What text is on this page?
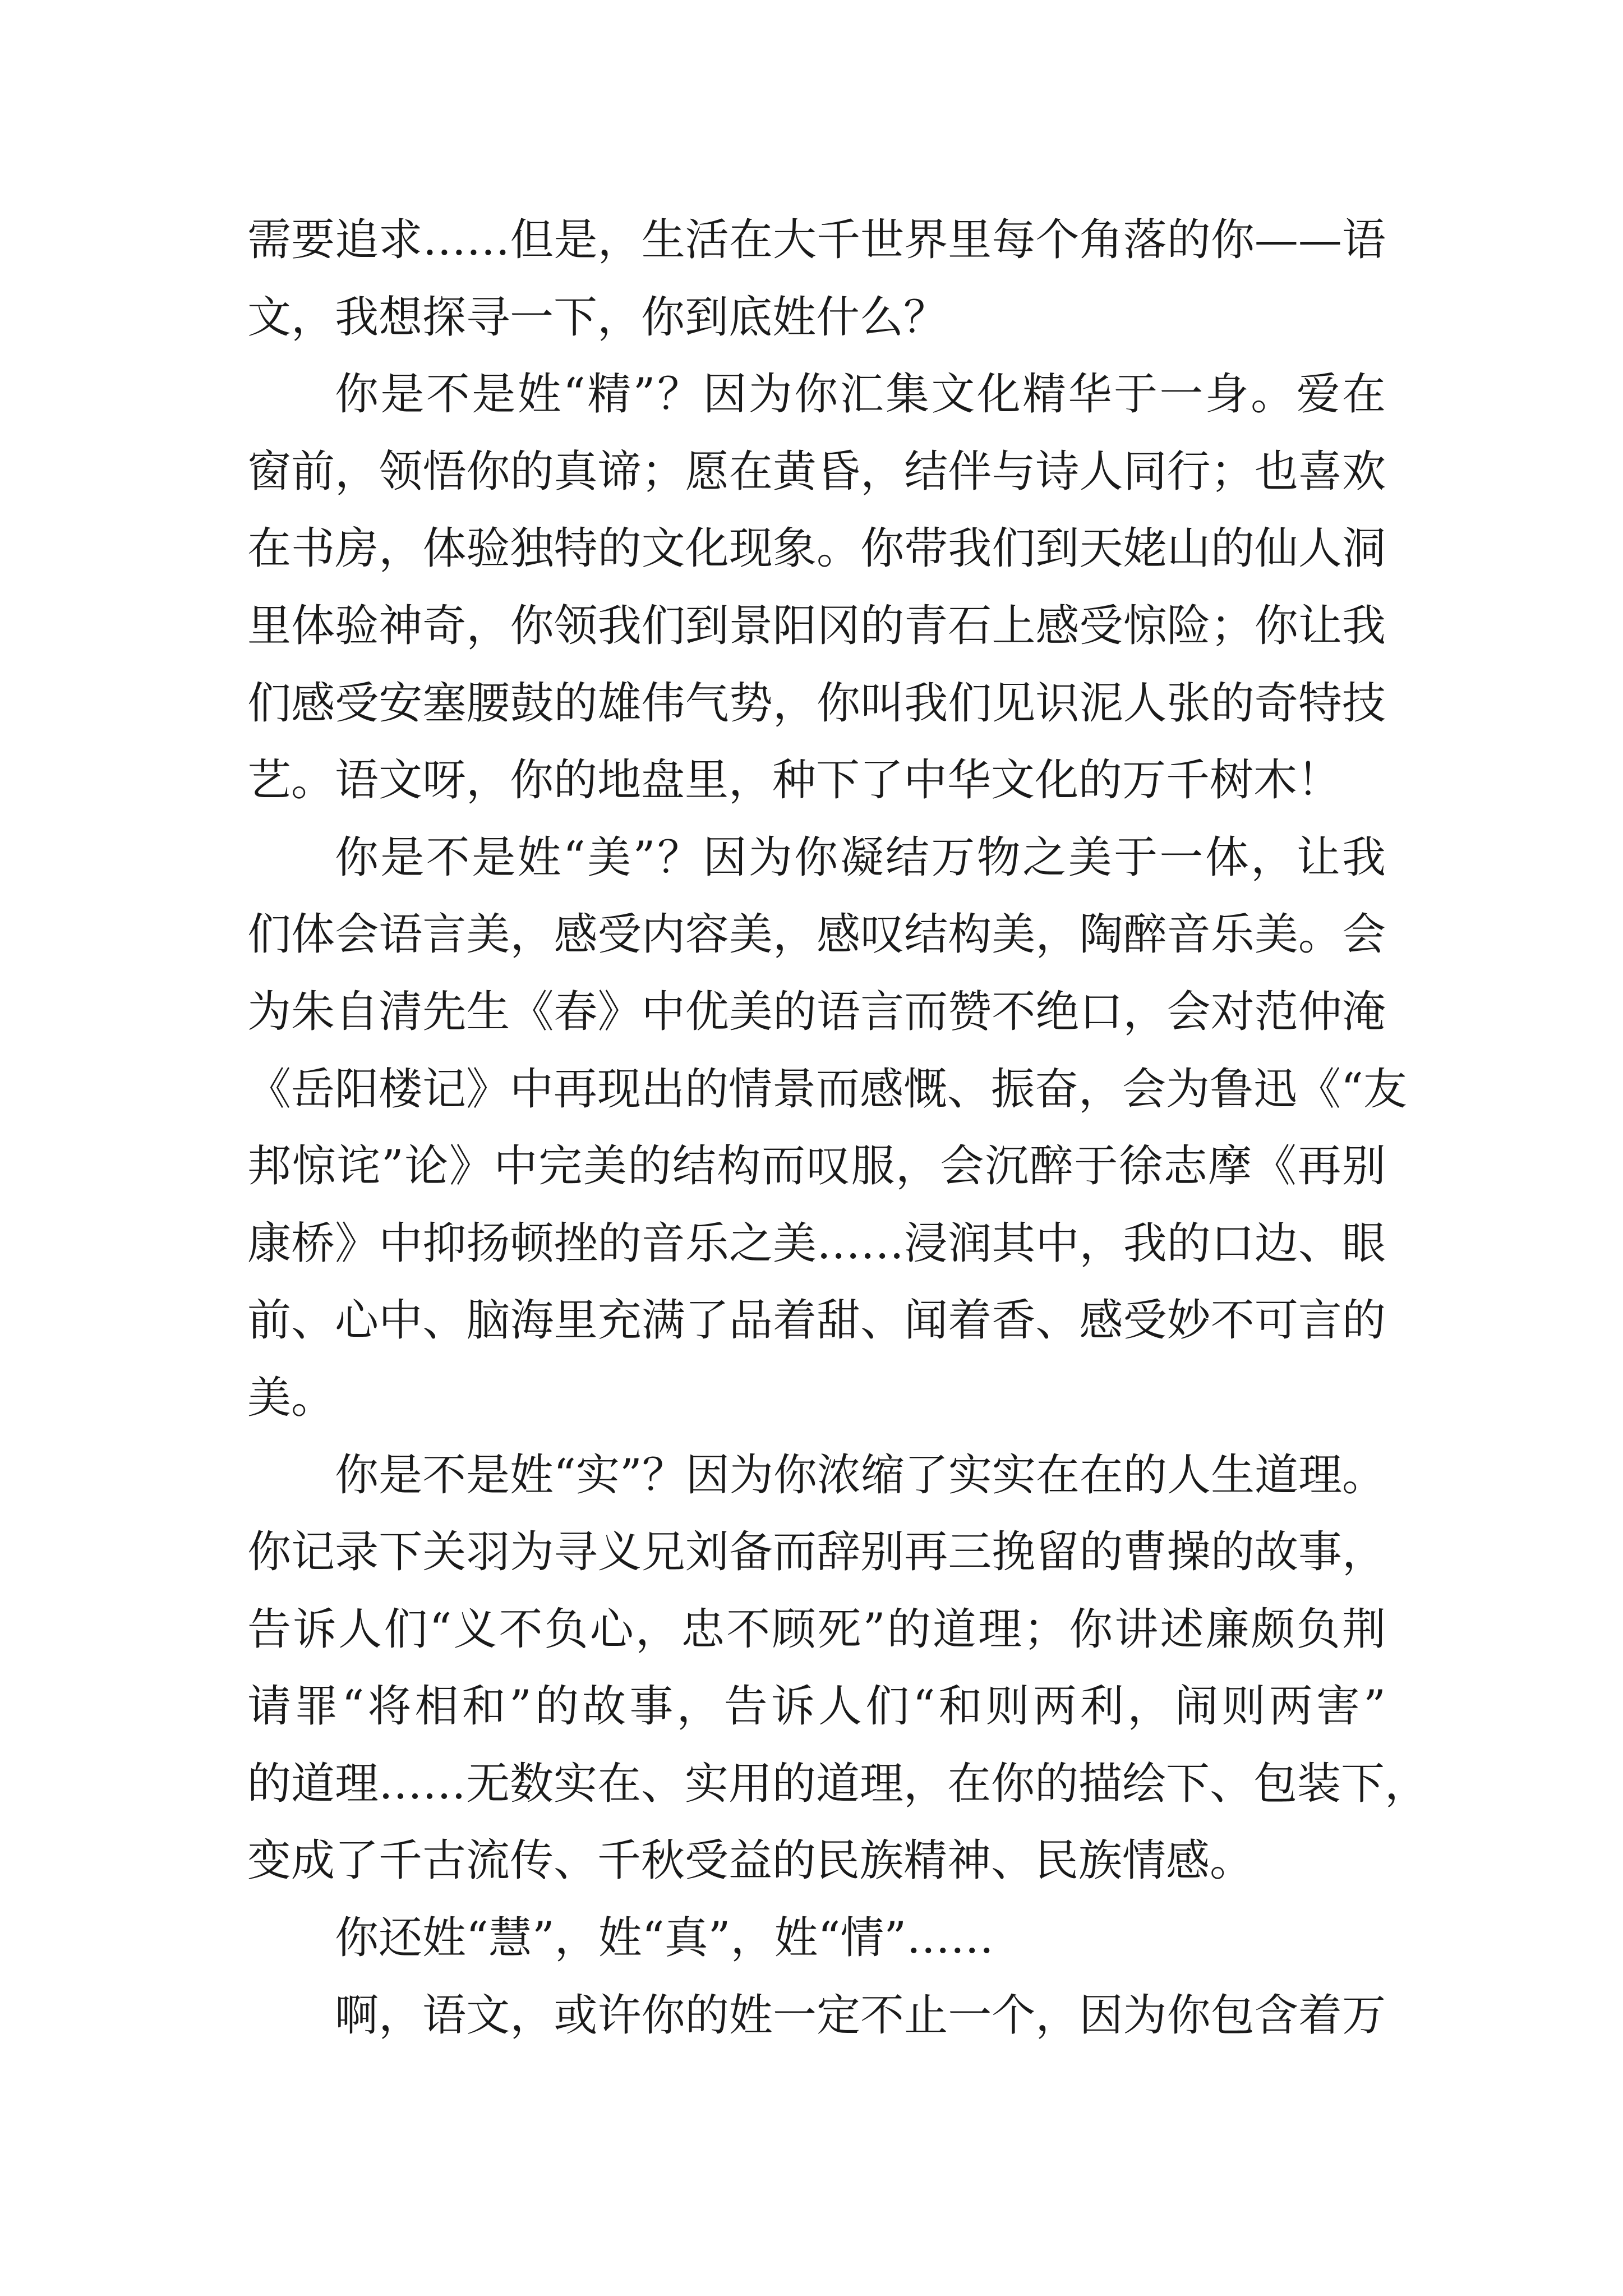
需要追求……但是，生活在大千世界里每个角落的你——语
文，我想探寻一下，你到底姓什么？
你是不是姓“精”？因为你汇集文化精华于一身。爱在
窗前，领悟你的真谛；愿在黄昏，结伴与诗人同行；也喜欢
在书房，体验独特的文化现象。你带我们到天姥山的仙人洞
里体验神奇，你领我们到景阳冈的青石上感受惊险；你让我
们感受安塞腰鼓的雄伟气势，你叫我们见识泥人张的奇特技
艺。语文呀，你的地盘里，种下了中华文化的万千树木！
你是不是姓“美”？因为你凝结万物之美于一体，让我
们体会语言美，感受内容美，感叹结构美，陶醉音乐美。会
为朱自清先生《春》中优美的语言而赞不绝口，会对范仲淹
《岳阳楼记》中再现出的情景而感慨、振奋，会为鲁迅《“友
邦惊诧”论》中完美的结构而叹服，会沉醉于徐志摩《再别
康桥》中抑扬顿挫的音乐之美……浸润其中，我的口边、眼
前、心中、脑海里充满了品着甜、闻着香、感受妙不可言的
美。
你是不是姓“实”？因为你浓缩了实实在在的人生道理。
你记录下关羽为寻义兄刘备而辞别再三挽留的曹操的故事，
告诉人们“义不负心，忠不顾死”的道理；你讲述廉颇负荆
请罪“将相和”的故事，告诉人们“和则两利，闹则两害”
的道理……无数实在、实用的道理，在你的描绘下、包装下，
变成了千古流传、千秋受益的民族精神、民族情感。
你还姓“慧”，姓“真”，姓“情”……
啊，语文，或许你的姓一定不止一个，因为你包含着万
